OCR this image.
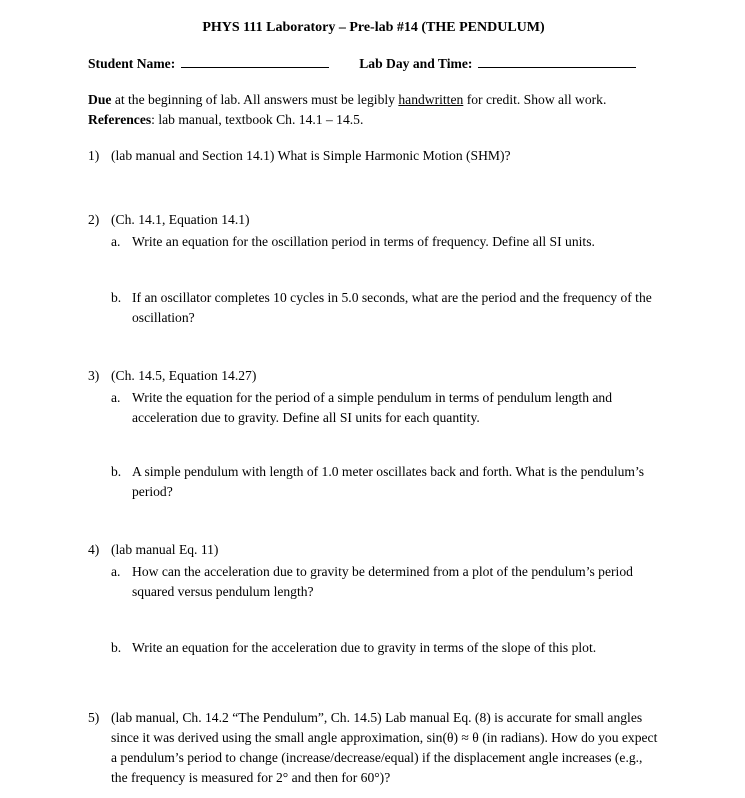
PHYS 111 Laboratory – Pre-lab #14 (THE PENDULUM)
Student Name:	Lab Day and Time:
Due at the beginning of lab. All answers must be legibly handwritten for credit. Show all work.
References: lab manual, textbook Ch. 14.1 – 14.5.
1) (lab manual and Section 14.1) What is Simple Harmonic Motion (SHM)?
2) (Ch. 14.1, Equation 14.1)
a. Write an equation for the oscillation period in terms of frequency. Define all SI units.
b. If an oscillator completes 10 cycles in 5.0 seconds, what are the period and the frequency of the oscillation?
3) (Ch. 14.5, Equation 14.27)
a. Write the equation for the period of a simple pendulum in terms of pendulum length and acceleration due to gravity. Define all SI units for each quantity.
b. A simple pendulum with length of 1.0 meter oscillates back and forth. What is the pendulum’s period?
4) (lab manual Eq. 11)
a. How can the acceleration due to gravity be determined from a plot of the pendulum’s period squared versus pendulum length?
b. Write an equation for the acceleration due to gravity in terms of the slope of this plot.
5) (lab manual, Ch. 14.2 “The Pendulum”, Ch. 14.5) Lab manual Eq. (8) is accurate for small angles since it was derived using the small angle approximation, sin(θ) ≈ θ (in radians). How do you expect a pendulum’s period to change (increase/decrease/equal) if the displacement angle increases (e.g., the frequency is measured for 2° and then for 60°)?
